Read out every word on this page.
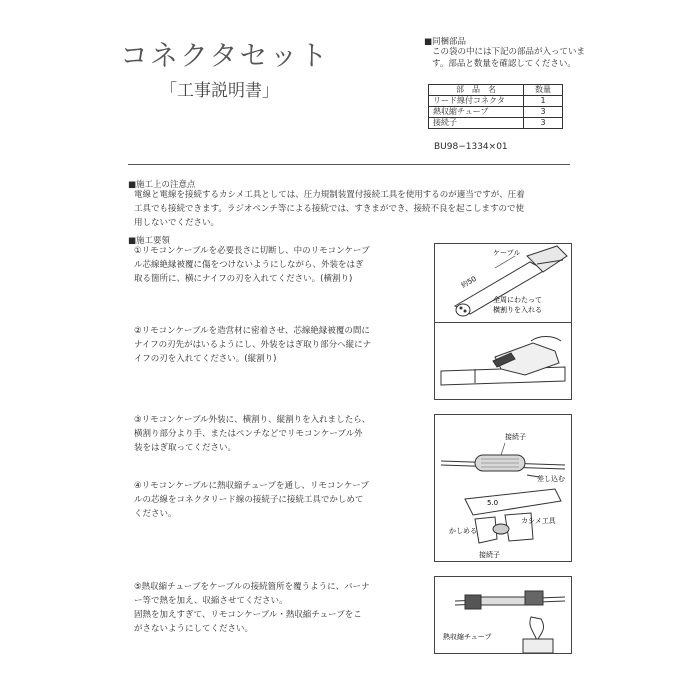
コネクタセット
「工事説明書」
■同梱部品
この袋の中には下記の部品が入っています。部品と数量を確認してください。
部　品　名	数量
リード線付コネクタ	1
熱収縮チューブ	3
接続子	3
BU98−1334×01
■施工上の注意点
電線と電線を接続するカシメ工具としては、圧力規制装置付接続工具を使用するのが適当ですが、圧着
工具でも接続できます。ラジオペンチ等による接続では、すきまができ、接続不良を起こしますので使
用しないでください。
■施工要領
①リモコンケーブルを必要長さに切断し、中のリモコンケーブ
ル芯線絶縁被覆に傷をつけないようにしながら、外装をはぎ
取る箇所に、横にナイフの刃を入れてください。(横割り)
②リモコンケーブルを造営材に密着させ、芯線絶縁被覆の間に
ナイフの刃先がはいるようにし、外装をはぎ取り部分へ縦にナ
イフの刃を入れてください。(縦割り)
③リモコンケーブル外装に、横割り、縦割りを入れましたら、
横割り部分より手、またはペンチなどでリモコンケーブル外
装をはぎ取ってください。
④リモコンケーブルに熱収縮チューブを通し、リモコンケーブ
ルの芯線をコネクタリード線の接続子に接続工具でかしめて
ください。
⑤熱収縮チューブをケーブルの接続箇所を覆うように、バーナ
ー等で熱を加え、収縮させてください。
固熱を加えすぎて、リモコンケーブル・熱収縮チューブをこ
がさないようにしてください。
ケーブル
約50
全周にわたって
横割りを入れる
接続子
差し込む
かしめる
カシメ工具
5.0
接続子
熱収縮チューブ
